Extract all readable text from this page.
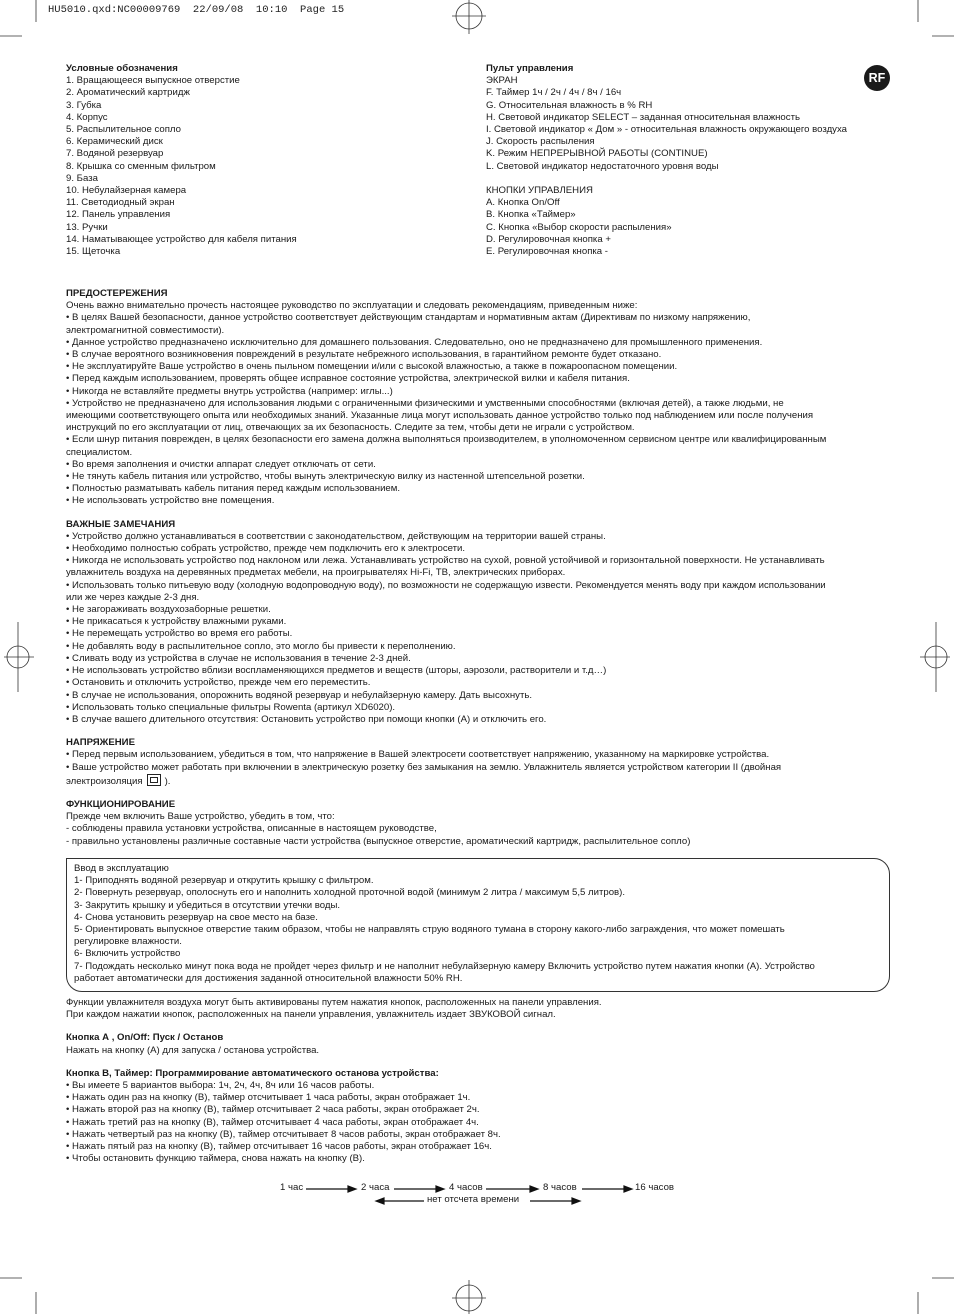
HU5010.qxd:NC00009769  22/09/08  10:10  Page 15
RF
Условные обозначения
1. Вращающееся выпускное отверстие
2. Ароматический картридж
3. Губка
4. Корпус
5. Распылительное сопло
6. Керамический диск
7. Водяной резервуар
8. Крышка со сменным фильтром
9. База
10. Небулайзерная камера
11. Светодиодный экран
12. Панель управления
13. Ручки
14. Наматывающее устройство для кабеля питания
15. Щеточка
Пульт управления
ЭКРАН
F. Таймер 1ч / 2ч / 4ч / 8ч / 16ч
G. Относительная влажность в % RH
H. Световой индикатор SELECT – заданная относительная влажность
I. Световой индикатор « Дом » - относительная влажность окружающего воздуха
J. Скорость распыления
K. Режим НЕПРЕРЫВНОЙ РАБОТЫ (CONTINUE)
L. Световой индикатор недостаточного уровня воды
КНОПКИ УПРАВЛЕНИЯ
A. Кнопка On/Off
B. Кнопка «Таймер»
C. Кнопка «Выбор скорости распыления»
D. Регулировочная кнопка +
E. Регулировочная кнопка -
ПРЕДОСТЕРЕЖЕНИЯ
Очень важно внимательно прочесть настоящее руководство по эксплуатации и следовать рекомендациям, приведенным ниже:
• В целях Вашей безопасности, данное устройство соответствует действующим стандартам и нормативным актам (Директивам по низкому напряжению,
электромагнитной совместимости).
• Данное устройство предназначено исключительно для домашнего пользования. Следовательно, оно не предназначено для промышленного применения.
• В случае вероятного возникновения повреждений в результате небрежного использования, в гарантийном ремонте будет отказано.
• Не эксплуатируйте Ваше устройство в очень пыльном помещении и/или с высокой влажностью, а также в пожароопасном помещении.
• Перед каждым использованием, проверять общее исправное состояние устройства, электрической вилки и кабеля питания.
• Никогда не вставляйте предметы внутрь устройства (например: иглы...)
• Устройство не предназначено для использования людьми с ограниченными физическими и умственными способностями (включая детей), а также людьми, не
имеющими соответствующего опыта или необходимых знаний. Указанные лица могут использовать данное устройство только под наблюдением или после получения
инструкций по его эксплуатации от лиц, отвечающих за их безопасность. Следите за тем, чтобы дети не играли с устройством.
• Если шнур питания поврежден, в целях безопасности его замена должна выполняться производителем, в уполномоченном сервисном центре или квалифицированным
специалистом.
• Во время заполнения и очистки аппарат следует отключать от сети.
• Не тянуть кабель питания или устройство, чтобы вынуть электрическую вилку из настенной штепсельной розетки.
• Полностью разматывать кабель питания перед каждым использованием.
• Не использовать устройство вне помещения.
ВАЖНЫЕ ЗАМЕЧАНИЯ
• Устройство должно устанавливаться в соответствии с законодательством, действующим на территории вашей страны.
• Необходимо полностью собрать устройство, прежде чем подключить его к электросети.
• Никогда не использовать устройство под наклоном или лежа. Устанавливать устройство на сухой, ровной устойчивой и горизонтальной поверхности. Не устанавливать
увлажнитель воздуха на деревянных предметах мебели, на проигрывателях Hi-Fi, ТВ, электрических приборах.
• Использовать только питьевую воду (холодную водопроводную воду), по возможности не содержащую извести. Рекомендуется менять воду при каждом использовании
или же через каждые 2-3 дня.
• Не загораживать воздухозаборные решетки.
• Не прикасаться к устройству влажными руками.
• Не перемещать устройство во время его работы.
• Не добавлять воду в распылительное сопло, это могло бы привести к переполнению.
• Сливать воду из устройства в случае не использования в течение 2-3 дней.
• Не использовать устройство вблизи воспламеняющихся предметов и веществ (шторы, аэрозоли, растворители и т.д…)
• Остановить и отключить устройство, прежде чем его переместить.
• В случае не использования, опорожнить водяной резервуар и небулайзерную камеру. Дать высохнуть.
• Использовать только специальные фильтры Rowenta (артикул XD6020).
• В случае вашего длительного отсутствия: Остановить устройство при помощи кнопки (A) и отключить его.
НАПРЯЖЕНИЕ
• Перед первым использованием, убедиться в том, что напряжение в Вашей электросети соответствует напряжению, указанному на маркировке устройства.
• Ваше устройство может работать при включении в электрическую розетку без замыкания на землю. Увлажнитель является устройством категории II (двойная
электроизоляция ).
ФУНКЦИОНИРОВАНИЕ
Прежде чем включить Ваше устройство, убедить в том, что:
- соблюдены правила установки устройства, описанные в настоящем руководстве,
- правильно установлены различные составные части устройства (выпускное отверстие, ароматический картридж, распылительное сопло)
Ввод в эксплуатацию
1- Приподнять водяной резервуар и открутить крышку с фильтром.
2- Повернуть резервуар, ополоснуть его и наполнить холодной проточной водой (минимум 2 литра / максимум 5,5 литров).
3- Закрутить крышку и убедиться в отсутствии утечки воды.
4- Снова установить резервуар на свое место на базе.
5- Ориентировать выпускное отверстие таким образом, чтобы не направлять струю водяного тумана в сторону какого-либо заграждения, что может помешать
регулировке влажности.
6- Включить устройство
7- Подождать несколько минут пока вода не пройдет через фильтр и не наполнит небулайзерную камеру Включить устройство путем нажатия кнопки (A). Устройство
работает автоматически для достижения заданной относительной влажности 50% RH.
Функции увлажнителя воздуха могут быть активированы путем нажатия кнопок, расположенных на панели управления.
При каждом нажатии кнопок, расположенных на панели управления, увлажнитель издает ЗВУКОВОЙ сигнал.
Кнопка А , On/Off: Пуск / Останов
Нажать на кнопку (A) для запуска / останова устройства.
Кнопка B, Таймер: Программирование автоматического останова устройства:
• Вы имеете 5 вариантов выбора: 1ч, 2ч, 4ч, 8ч или 16 часов работы.
• Нажать один раз на кнопку (B), таймер отсчитывает 1 часа работы, экран отображает 1ч.
• Нажать второй раз на кнопку (B), таймер отсчитывает 2 часа работы, экран отображает 2ч.
• Нажать третий раз на кнопку (B), таймер отсчитывает 4 часа работы, экран отображает 4ч.
• Нажать четвертый раз на кнопку (B), таймер отсчитывает 8 часов работы, экран отображает 8ч.
• Нажать пятый раз на кнопку (B), таймер отсчитывает 16 часов работы, экран отображает 16ч.
• Чтобы остановить функцию таймера, снова нажать на кнопку (B).
1 час	2 часа	4 часов	8 часов	16 часов
нет отсчета времени
